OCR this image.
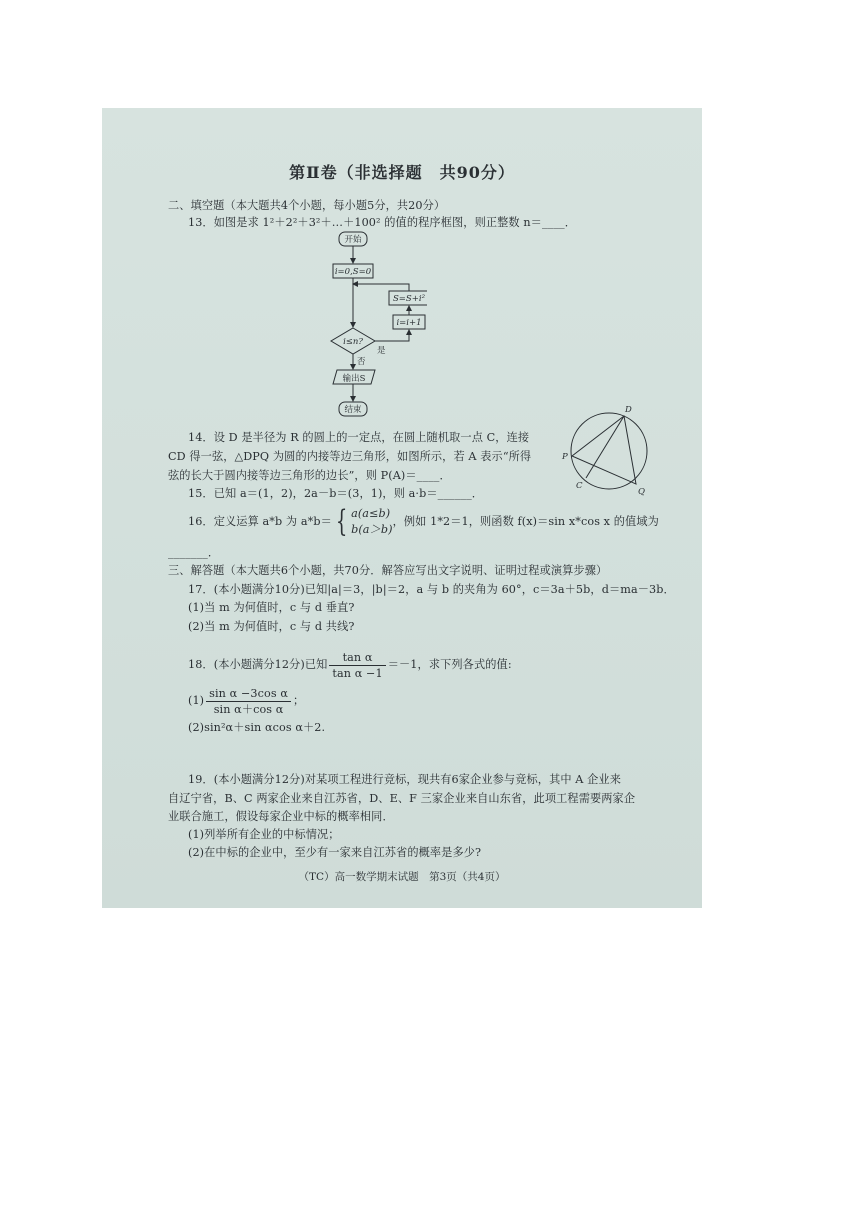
第Ⅱ卷（非选择题　共90分）
二、填空题（本大题共4个小题，每小题5分，共20分）
13．如图是求 1²＋2²＋3²＋…＋100² 的值的程序框图，则正整数 n＝____．
开始
i=0,S=0
S=S+i²
i=i+1
i≤n?
是
否
输出S
结束
14．设 D 是半径为 R 的圆上的一定点，在圆上随机取一点 C，连接
CD 得一弦，△DPQ 为圆的内接等边三角形，如图所示，若 A 表示“所得
弦的长大于圆内接等边三角形的边长”，则 P(A)＝____．
D
P
C
Q
15．已知 a＝(1，2)，2a－b＝(3，1)，则 a·b＝______．
16．定义运算 a*b 为 a*b＝ { a(a≤b)
b(a＞b)，例如 1*2＝1，则函数 f(x)＝sin x*cos x 的值域为
_______．
三、解答题（本大题共6个小题，共70分．解答应写出文字说明、证明过程或演算步骤）
17．(本小题满分10分)已知|a|＝3，|b|＝2，a 与 b 的夹角为 60°，c＝3a＋5b，d＝ma－3b．
(1)当 m 为何值时，c 与 d 垂直?
(2)当 m 为何值时，c 与 d 共线?
18．(本小题满分12分)已知 $\frac{\text{tan α}}{\text{tan α −1}} =-1$，求下列各式的值:
$(1) \frac{\text{sin α −3cos α}}{\text{sin α＋cos α}}$ ；
(2)sin²α＋sin αcos α＋2.
19．(本小题满分12分)对某项工程进行竞标，现共有6家企业参与竞标，其中 A 企业来
自辽宁省，B、C 两家企业来自江苏省，D、E、F 三家企业来自山东省，此项工程需要两家企
业联合施工，假设每家企业中标的概率相同．
(1)列举所有企业的中标情况；
(2)在中标的企业中，至少有一家来自江苏省的概率是多少?
（TC）高一数学期末试题　第3页（共4页）
